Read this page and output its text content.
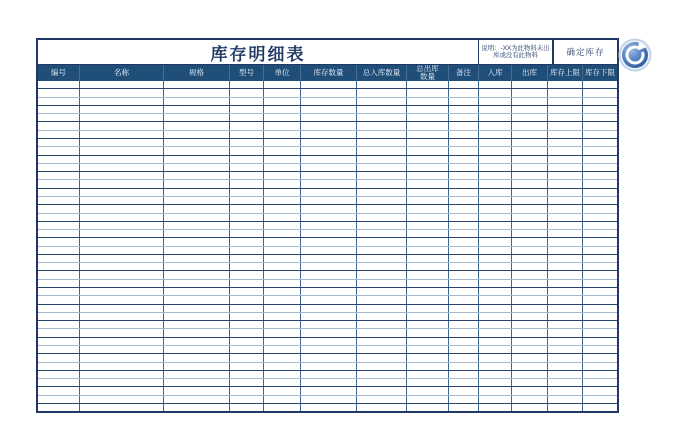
库存明细表	说明：-XX为此物料未出库或没有此物料	确定库存
编号	名称	规格	型号	单位	库存数量	总入库数量	总出库数量	备注	入库	出库	库存上限 库存下限
